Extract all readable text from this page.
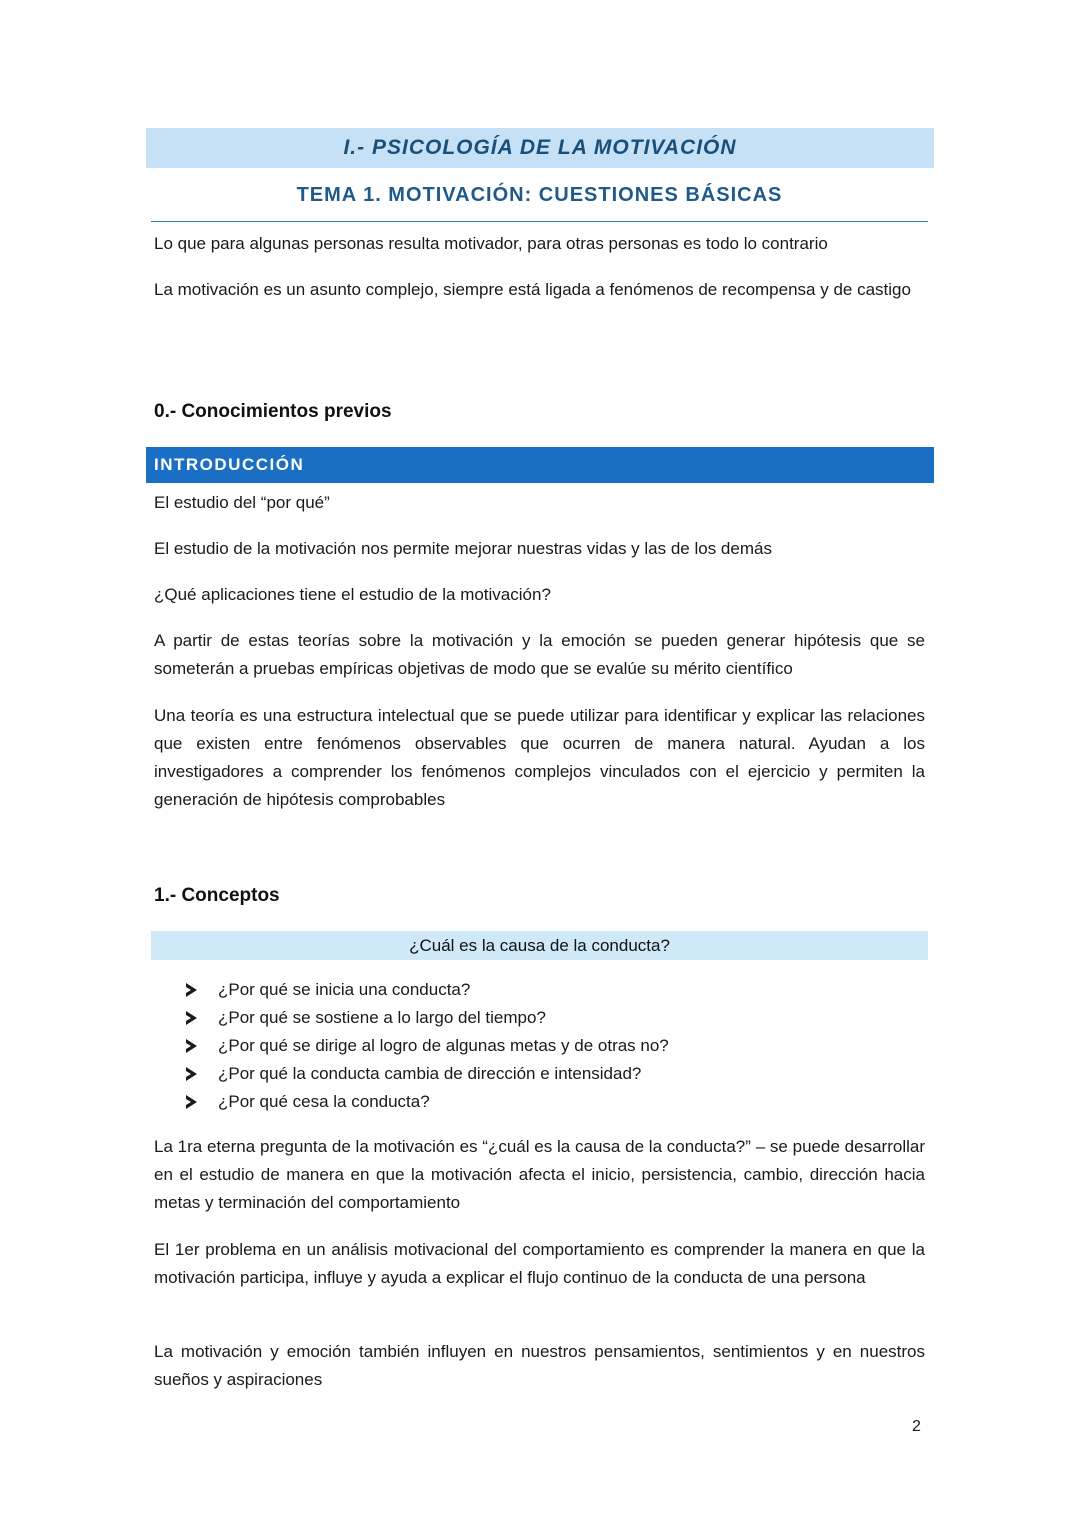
I.- PSICOLOGÍA DE LA MOTIVACIÓN
TEMA 1. MOTIVACIÓN: CUESTIONES BÁSICAS

Lo que para algunas personas resulta motivador, para otras personas es todo lo contrario

La motivación es un asunto complejo, siempre está ligada a fenómenos de recompensa y de castigo

0.- Conocimientos previos
INTRODUCCIÓN

El estudio del “por qué”

El estudio de la motivación nos permite mejorar nuestras vidas y las de los demás

¿Qué aplicaciones tiene el estudio de la motivación?

A partir de estas teorías sobre la motivación y la emoción se pueden generar hipótesis que se someterán a pruebas empíricas objetivas de modo que se evalúe su mérito científico

Una teoría es una estructura intelectual que se puede utilizar para identificar y explicar las relaciones que existen entre fenómenos observables que ocurren de manera natural. Ayudan a los investigadores a comprender los fenómenos complejos vinculados con el ejercicio y permiten la generación de hipótesis comprobables

1.- Conceptos
¿Cuál es la causa de la conducta?
¿Por qué se inicia una conducta?
¿Por qué se sostiene a lo largo del tiempo?
¿Por qué se dirige al logro de algunas metas y de otras no?
¿Por qué la conducta cambia de dirección e intensidad?
¿Por qué cesa la conducta?

La 1ra eterna pregunta de la motivación es “¿cuál es la causa de la conducta?” – se puede desarrollar en el estudio de manera en que la motivación afecta el inicio, persistencia, cambio, dirección hacia metas y terminación del comportamiento

El 1er problema en un análisis motivacional del comportamiento es comprender la manera en que la motivación participa, influye y ayuda a explicar el flujo continuo de la conducta de una persona

La motivación y emoción también influyen en nuestros pensamientos, sentimientos y en nuestros sueños y aspiraciones

2
